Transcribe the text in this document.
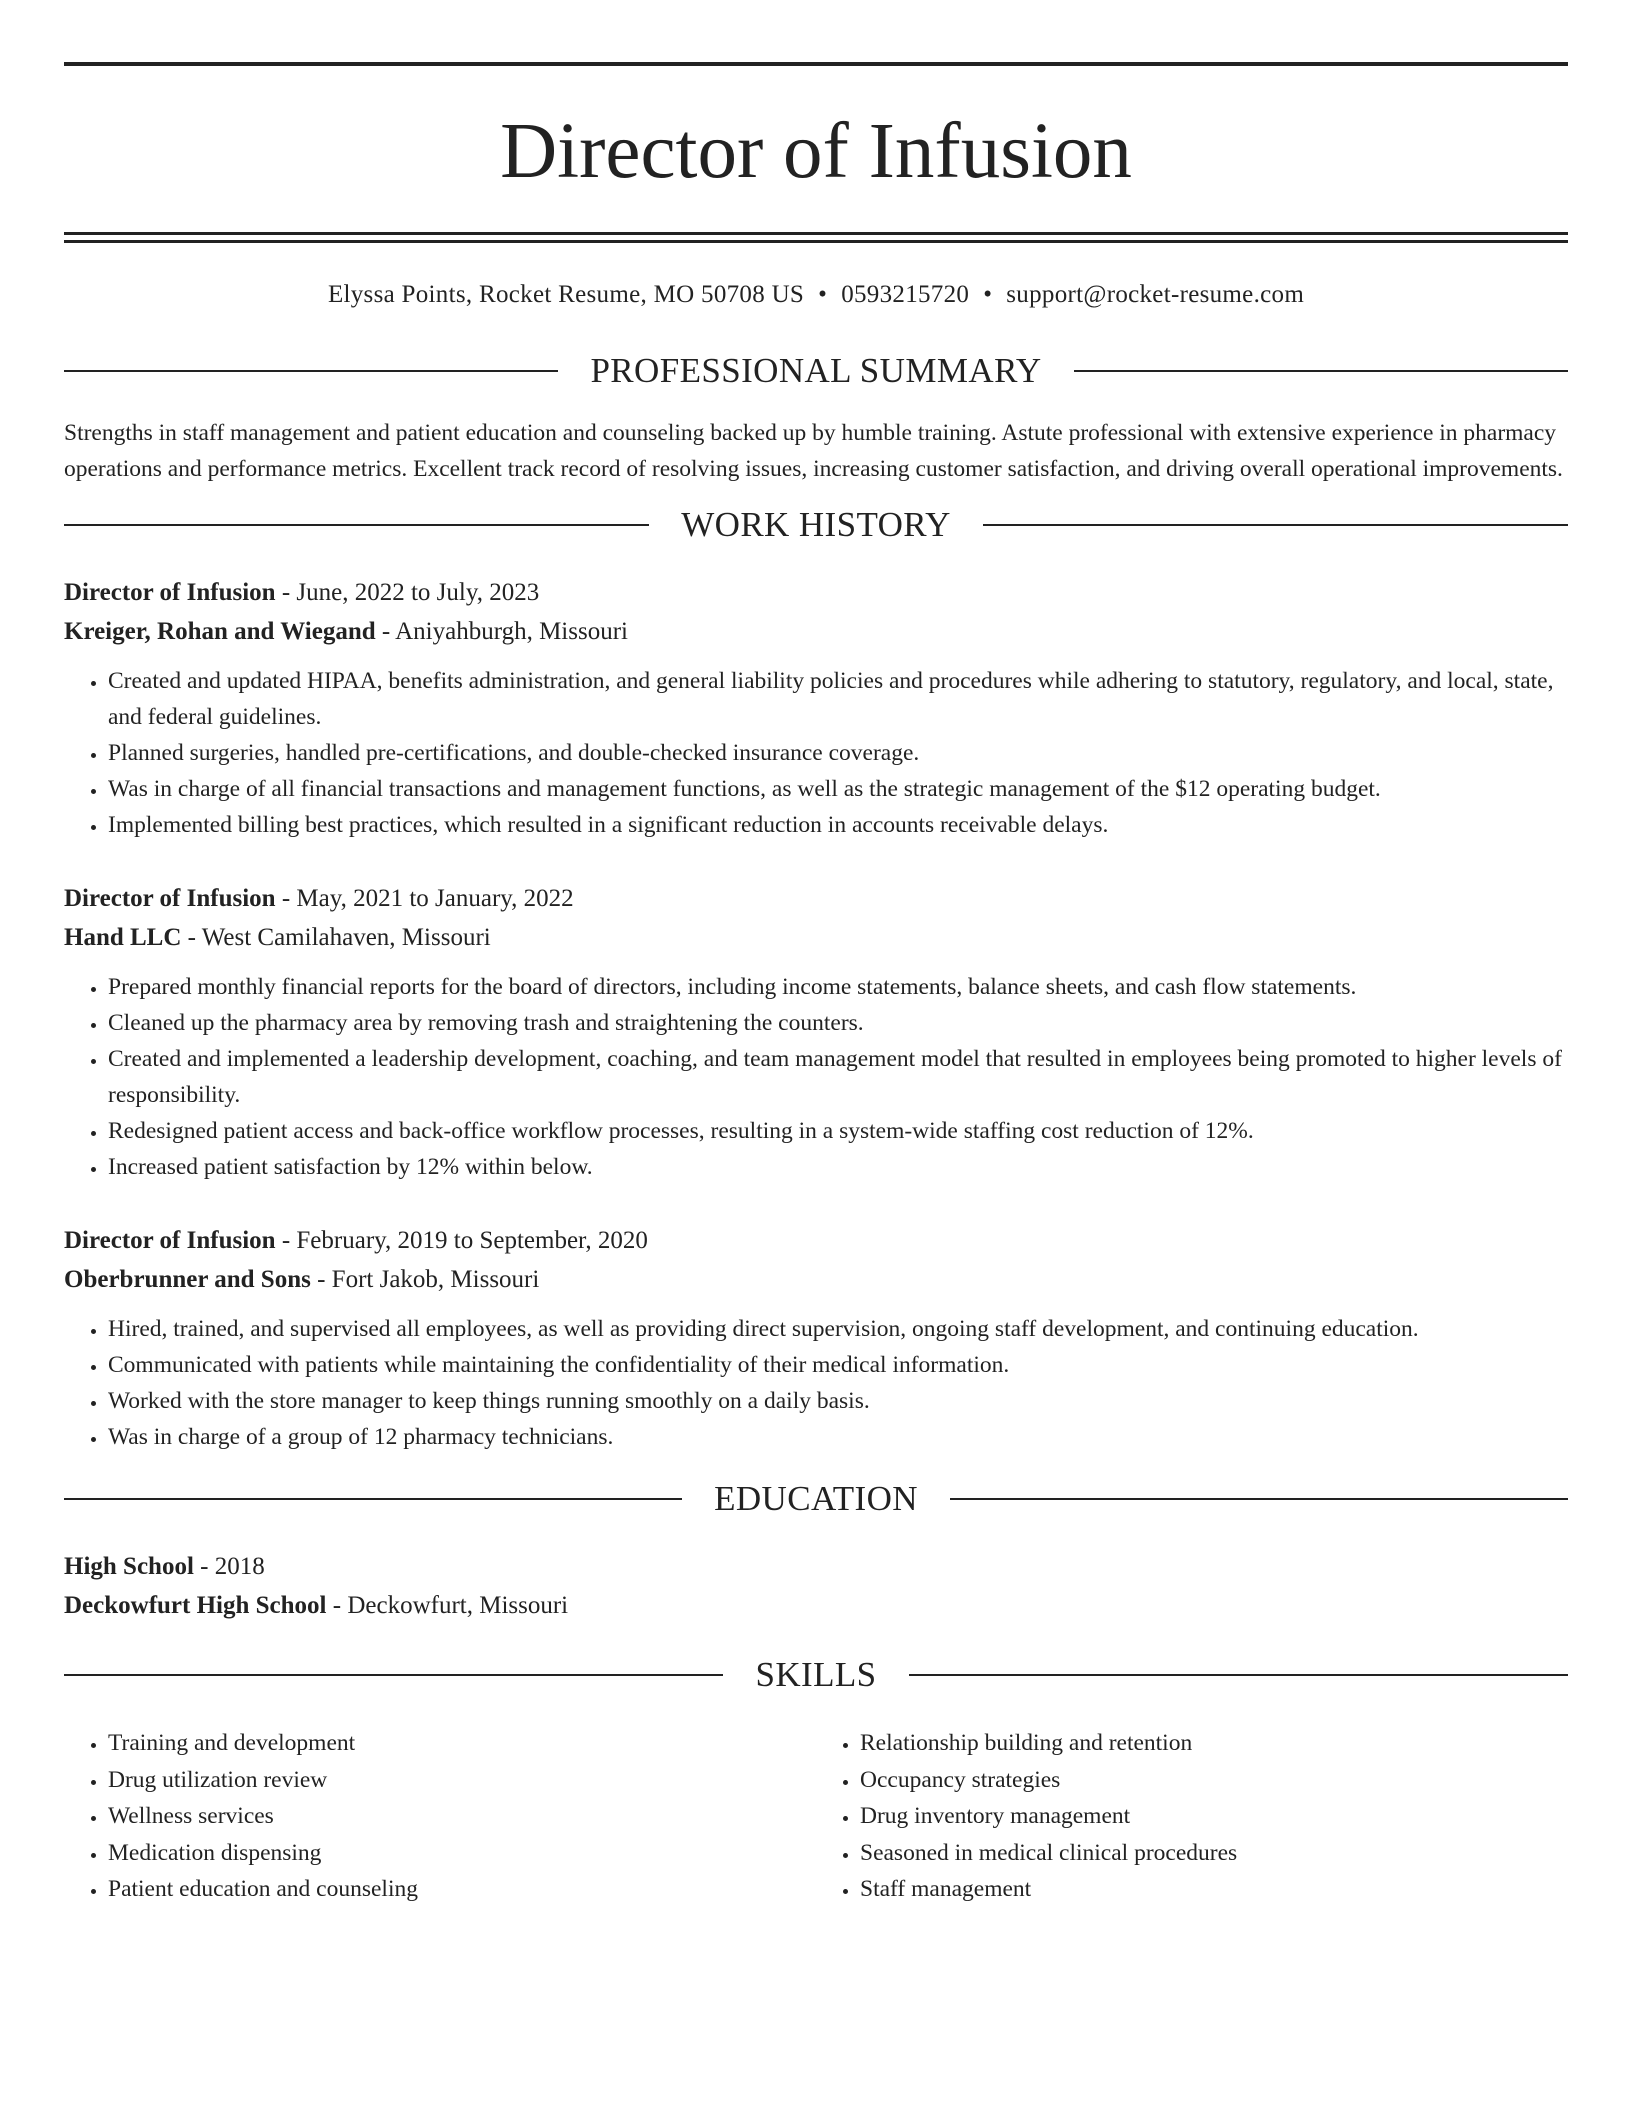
Director of Infusion
Elyssa Points, Rocket Resume, MO 50708 US • 0593215720 • support@rocket-resume.com
PROFESSIONAL SUMMARY

Strengths in staff management and patient education and counseling backed up by humble training. Astute professional with extensive experience in pharmacy operations and performance metrics. Excellent track record of resolving issues, increasing customer satisfaction, and driving overall operational improvements.

WORK HISTORY
Director of Infusion - June, 2022 to July, 2023
Kreiger, Rohan and Wiegand - Aniyahburgh, Missouri
• Created and updated HIPAA, benefits administration, and general liability policies and procedures while adhering to statutory, regulatory, and local, state, and federal guidelines.
• Planned surgeries, handled pre-certifications, and double-checked insurance coverage.
• Was in charge of all financial transactions and management functions, as well as the strategic management of the $12 operating budget.
• Implemented billing best practices, which resulted in a significant reduction in accounts receivable delays.
Director of Infusion - May, 2021 to January, 2022
Hand LLC - West Camilahaven, Missouri
• Prepared monthly financial reports for the board of directors, including income statements, balance sheets, and cash flow statements.
• Cleaned up the pharmacy area by removing trash and straightening the counters.
• Created and implemented a leadership development, coaching, and team management model that resulted in employees being promoted to higher levels of responsibility.
• Redesigned patient access and back-office workflow processes, resulting in a system-wide staffing cost reduction of 12%.
• Increased patient satisfaction by 12% within below.
Director of Infusion - February, 2019 to September, 2020
Oberbrunner and Sons - Fort Jakob, Missouri
• Hired, trained, and supervised all employees, as well as providing direct supervision, ongoing staff development, and continuing education.
• Communicated with patients while maintaining the confidentiality of their medical information.
• Worked with the store manager to keep things running smoothly on a daily basis.
• Was in charge of a group of 12 pharmacy technicians.
EDUCATION
High School - 2018
Deckowfurt High School - Deckowfurt, Missouri
SKILLS
• Training and development
• Drug utilization review
• Wellness services
• Medication dispensing
• Patient education and counseling
• Relationship building and retention
• Occupancy strategies
• Drug inventory management
• Seasoned in medical clinical procedures
• Staff management
